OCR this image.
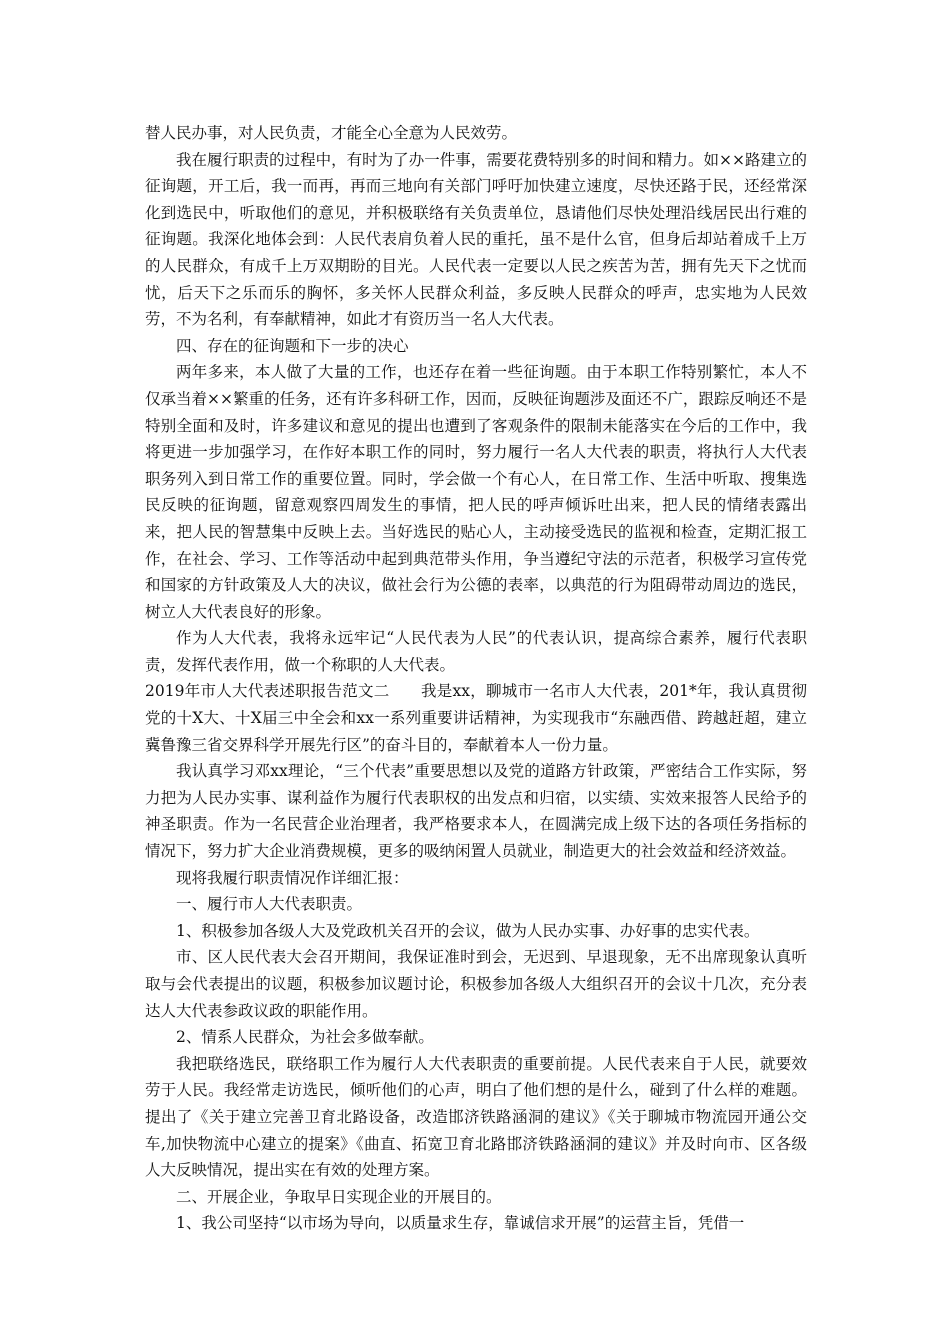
替人民办事，对人民负责，才能全心全意为人民效劳。

我在履行职责的过程中，有时为了办一件事，需要花费特别多的时间和精力。如××路建立的征询题，开工后，我一而再，再而三地向有关部门呼吁加快建立速度，尽快还路于民，还经常深化到选民中，听取他们的意见，并积极联络有关负责单位，恳请他们尽快处理沿线居民出行难的征询题。我深化地体会到：人民代表肩负着人民的重托，虽不是什么官，但身后却站着成千上万的人民群众，有成千上万双期盼的目光。人民代表一定要以人民之疾苦为苦，拥有先天下之忧而忧，后天下之乐而乐的胸怀，多关怀人民群众利益，多反映人民群众的呼声，忠实地为人民效劳，不为名利，有奉献精神，如此才有资历当一名人大代表。

四、存在的征询题和下一步的决心

两年多来，本人做了大量的工作，也还存在着一些征询题。由于本职工作特别繁忙，本人不仅承当着××繁重的任务，还有许多科研工作，因而，反映征询题涉及面还不广，跟踪反响还不是特别全面和及时，许多建议和意见的提出也遭到了客观条件的限制未能落实在今后的工作中，我将更进一步加强学习，在作好本职工作的同时，努力履行一名人大代表的职责，将执行人大代表职务列入到日常工作的重要位置。同时，学会做一个有心人，在日常工作、生活中听取、搜集选民反映的征询题，留意观察四周发生的事情，把人民的呼声倾诉吐出来，把人民的情绪表露出来，把人民的智慧集中反映上去。当好选民的贴心人，主动接受选民的监视和检查，定期汇报工作，在社会、学习、工作等活动中起到典范带头作用，争当遵纪守法的示范者，积极学习宣传党和国家的方针政策及人大的决议，做社会行为公德的表率，以典范的行为阻碍带动周边的选民，树立人大代表良好的形象。

作为人大代表，我将永远牢记“人民代表为人民”的代表认识，提高综合素养，履行代表职责，发挥代表作用，做一个称职的人大代表。

2019年市人大代表述职报告范文二　　我是xx，聊城市一名市人大代表，201*年，我认真贯彻党的十X大、十X届三中全会和xx一系列重要讲话精神，为实现我市“东融西借、跨越赶超，建立冀鲁豫三省交界科学开展先行区”的奋斗目的，奉献着本人一份力量。

我认真学习邓xx理论，“三个代表”重要思想以及党的道路方针政策，严密结合工作实际，努力把为人民办实事、谋利益作为履行代表职权的出发点和归宿，以实绩、实效来报答人民给予的神圣职责。作为一名民营企业治理者，我严格要求本人，在圆满完成上级下达的各项任务指标的情况下，努力扩大企业消费规模，更多的吸纳闲置人员就业，制造更大的社会效益和经济效益。

现将我履行职责情况作详细汇报：

一、履行市人大代表职责。

1、积极参加各级人大及党政机关召开的会议，做为人民办实事、办好事的忠实代表。

市、区人民代表大会召开期间，我保证准时到会，无迟到、早退现象，无不出席现象认真听取与会代表提出的议题，积极参加议题讨论，积极参加各级人大组织召开的会议十几次，充分表达人大代表参政议政的职能作用。

2、情系人民群众，为社会多做奉献。

我把联络选民，联络职工作为履行人大代表职责的重要前提。人民代表来自于人民，就要效劳于人民。我经常走访选民，倾听他们的心声，明白了他们想的是什么，碰到了什么样的难题。提出了《关于建立完善卫育北路设备，改造邯济铁路涵洞的建议》《关于聊城市物流园开通公交车,加快物流中心建立的提案》《曲直、拓宽卫育北路邯济铁路涵洞的建议》并及时向市、区各级人大反映情况，提出实在有效的处理方案。

二、开展企业，争取早日实现企业的开展目的。

1、我公司坚持“以市场为导向，以质量求生存，靠诚信求开展”的运营主旨，凭借一
